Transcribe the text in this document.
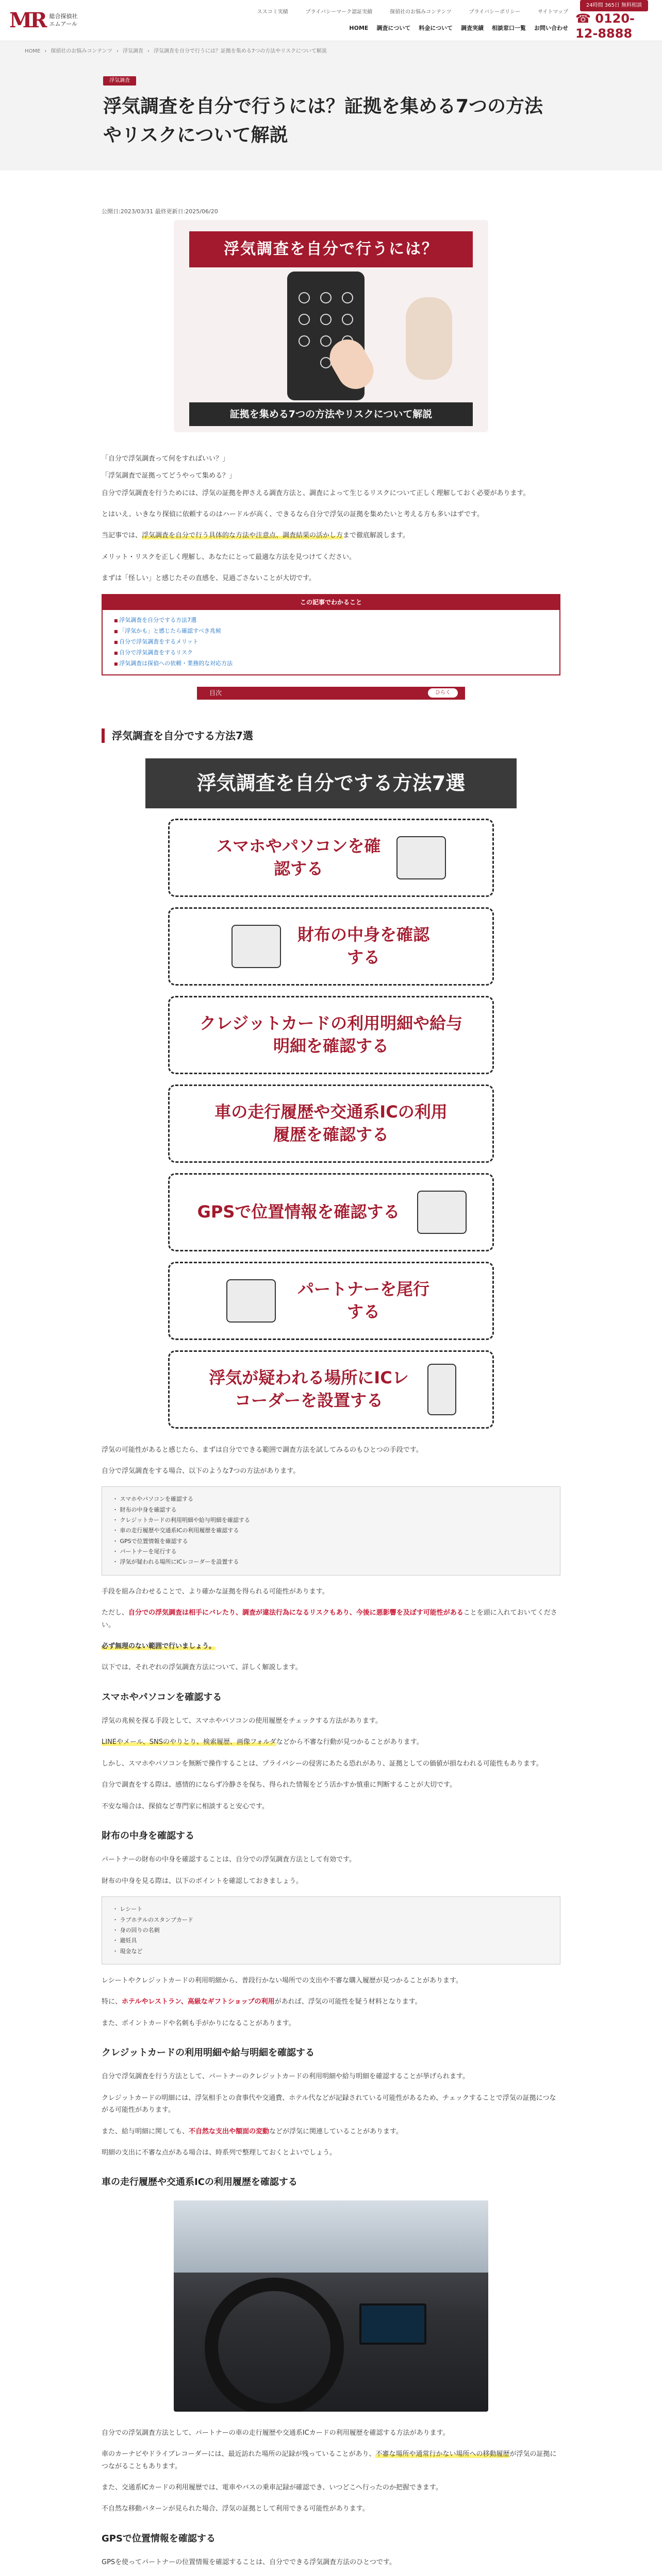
MR 総合探偵社
エムアール
ススコミ実績	プライバシーマーク認証実績	探偵社のお悩みコンテンツ	プライバシーポリシー	サイトマップ
HOME 調査について 料金について 調査実績 相談窓口一覧 お問い合わせ
24時間 365日 無料相談
☎ 0120-12-8888
HOME › 探偵社のお悩みコンテンツ › 浮気調査 › 浮気調査を自分で行うには？証拠を集める7つの方法やリスクについて解説
浮気調査
浮気調査を自分で行うには？証拠を集める7つの方法やリスクについて解説
公開日:2023/03/31 最終更新日:2025/06/20
浮気調査を自分で行うには？
証拠を集める7つの方法やリスクについて解説

「自分で浮気調査って何をすればいい？」

「浮気調査で証拠ってどうやって集める？」

自分で浮気調査を行うためには、浮気の証拠を押さえる調査方法と、調査によって生じるリスクについて正しく理解しておく必要があります。

とはいえ、いきなり探偵に依頼するのはハードルが高く、できるなら自分で浮気の証拠を集めたいと考える方も多いはずです。

当記事では、浮気調査を自分で行う具体的な方法や注意点、調査結果の活かし方まで徹底解説します。

メリット・リスクを正しく理解し、あなたにとって最適な方法を見つけてください。

まずは「怪しい」と感じたその直感を、見過ごさないことが大切です。

この記事でわかること
■ 浮気調査を自分でする方法7選
■ 「浮気かも」と感じたら確認すべき兆候
■ 自分で浮気調査をするメリット
■ 自分で浮気調査をするリスク
■ 浮気調査は探偵への依頼・業務的な対応方法
目次	ひらく
浮気調査を自分でする方法7選
浮気調査を自分でする方法7選
スマホやパソコンを確認する
財布の中身を確認する
クレジットカードの利用明細や給与明細を確認する
車の走行履歴や交通系ICの利用履歴を確認する
GPSで位置情報を確認する
パートナーを尾行する
浮気が疑われる場所にICレコーダーを設置する

浮気の可能性があると感じたら、まずは自分でできる範囲で調査方法を試してみるのもひとつの手段です。

自分で浮気調査をする場合、以下のような7つの方法があります。

・ スマホやパソコンを確認する
・ 財布の中身を確認する
・ クレジットカードの利用明細や給与明細を確認する
・ 車の走行履歴や交通系ICの利用履歴を確認する
・ GPSで位置情報を確認する
・ パートナーを尾行する
・ 浮気が疑われる場所にICレコーダーを設置する

手段を組み合わせることで、より確かな証拠を得られる可能性があります。

ただし、自分での浮気調査は相手にバレたり、調査が違法行為になるリスクもあり、今後に悪影響を及ぼす可能性があることを頭に入れておいてください。

必ず無理のない範囲で行いましょう。

以下では、それぞれの浮気調査方法について、詳しく解説します。

スマホやパソコンを確認する

浮気の兆候を探る手段として、スマホやパソコンの使用履歴をチェックする方法があります。

LINEやメール、SNSのやりとり、検索履歴、画像フォルダなどから不審な行動が見つかることがあります。

しかし、スマホやパソコンを無断で操作することは、プライバシーの侵害にあたる恐れがあり、証拠としての価値が損なわれる可能性もあります。

自分で調査をする際は、感情的にならず冷静さを保ち、得られた情報をどう活かすか慎重に判断することが大切です。

不安な場合は、探偵など専門家に相談すると安心です。

財布の中身を確認する

パートナーの財布の中身を確認することは、自分での浮気調査方法として有効です。

財布の中身を見る際は、以下のポイントを確認しておきましょう。

・ レシート
・ ラブホテルのスタンプカード
・ 身の回りの名刺
・ 避妊具
・ 現金など

レシートやクレジットカードの利用明細から、普段行かない場所での支出や不審な購入履歴が見つかることがあります。

特に、ホテルやレストラン、高級なギフトショップの利用があれば、浮気の可能性を疑う材料となります。

また、ポイントカードや名刺も手がかりになることがあります。

クレジットカードの利用明細や給与明細を確認する

自分で浮気調査を行う方法として、パートナーのクレジットカードの利用明細や給与明細を確認することが挙げられます。

クレジットカードの明細には、浮気相手との食事代や交通費、ホテル代などが記録されている可能性があるため、チェックすることで浮気の証拠につながる可能性があります。

また、給与明細に関しても、不自然な支出や額面の変動などが浮気に関連していることがあります。

明細の支出に不審な点がある場合は、時系列で整理しておくとよいでしょう。

車の走行履歴や交通系ICの利用履歴を確認する

自分での浮気調査方法として、パートナーの車の走行履歴や交通系ICカードの利用履歴を確認する方法があります。

車のカーナビやドライブレコーダーには、最近訪れた場所の記録が残っていることがあり、不審な場所や通常行かない場所への移動履歴が浮気の証拠につながることもあります。

また、交通系ICカードの利用履歴では、電車やバスの乗車記録が確認でき、いつどこへ行ったのか把握できます。

不自然な移動パターンが見られた場合、浮気の証拠として利用できる可能性があります。

GPSで位置情報を確認する

GPSを使ってパートナーの位置情報を確認することは、自分でできる浮気調査方法のひとつです。
